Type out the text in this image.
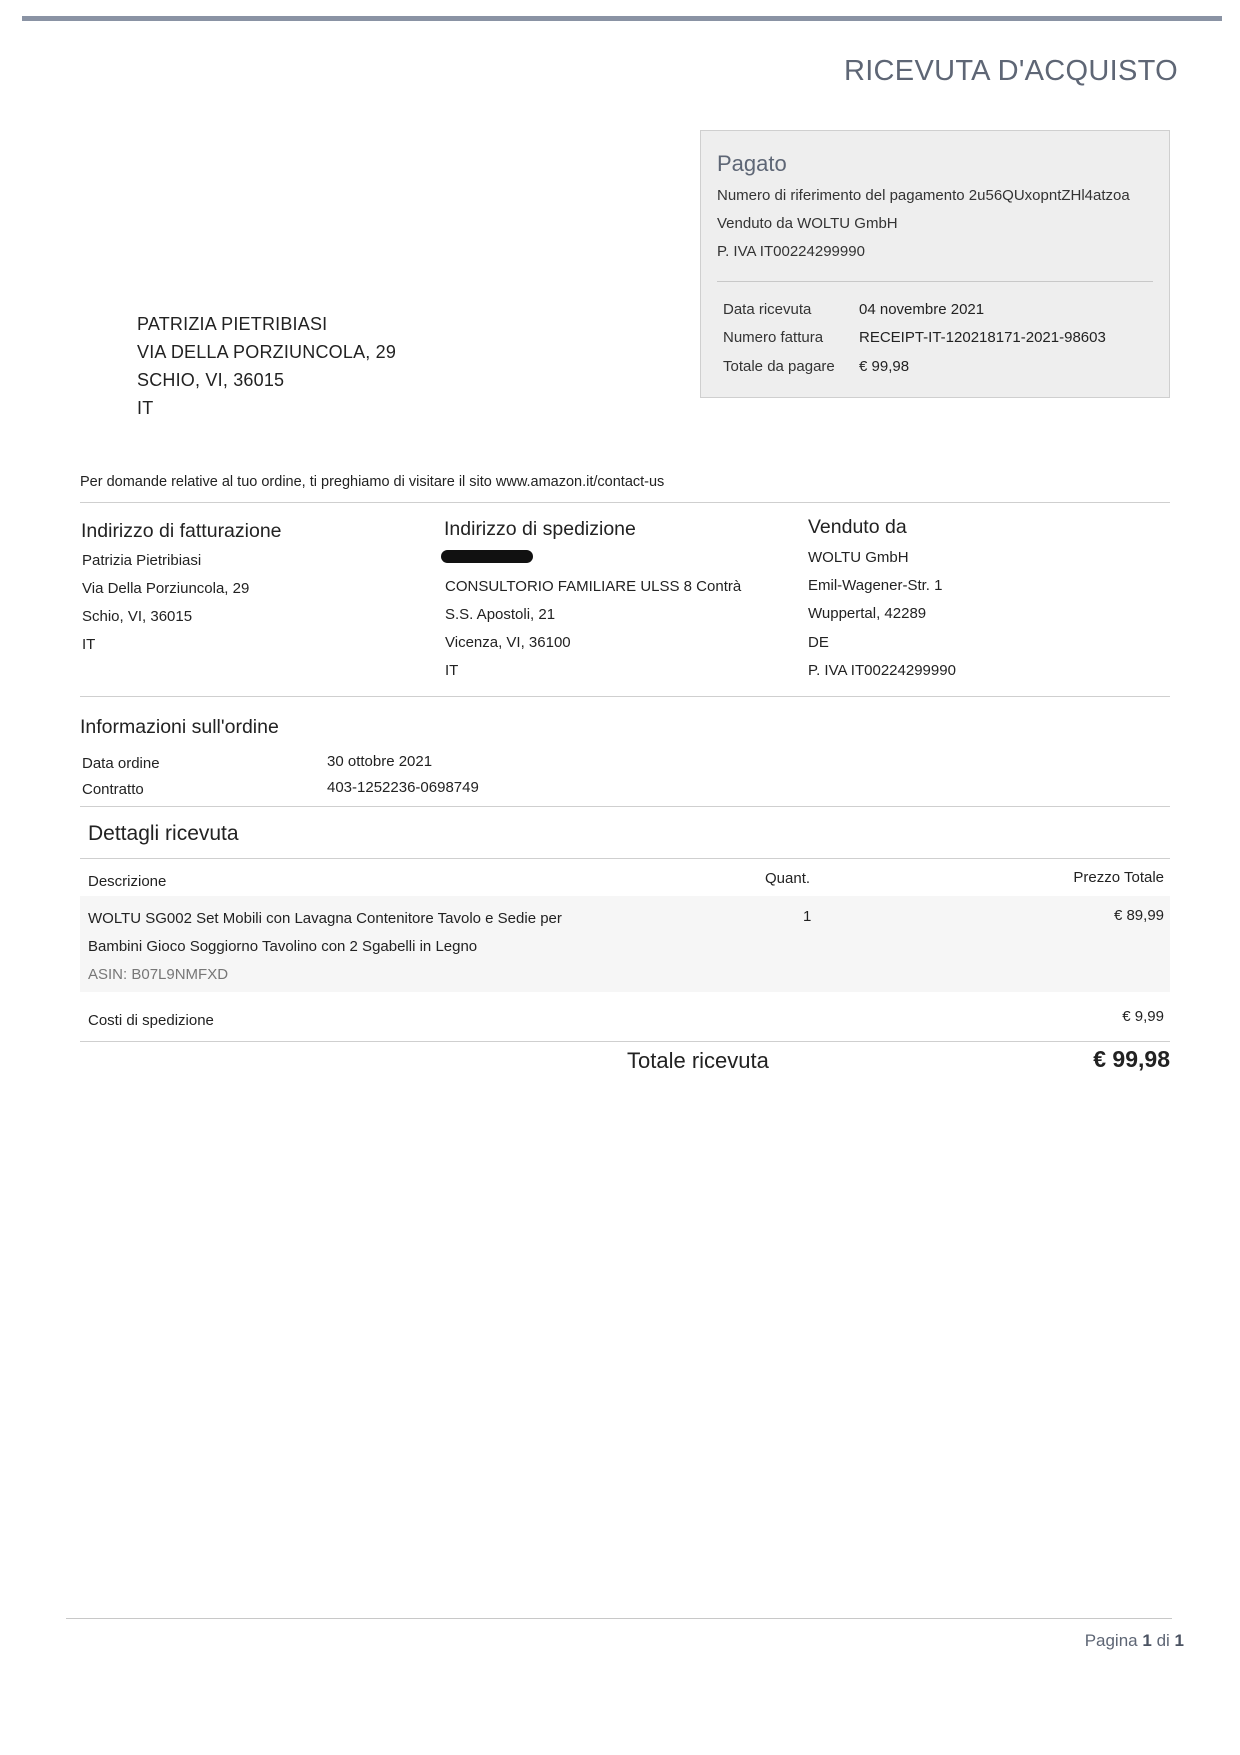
RICEVUTA D'ACQUISTO
Pagato
Numero di riferimento del pagamento 2u56QUxopntZHl4atzoa
Venduto da WOLTU GmbH
P. IVA IT00224299990
Data ricevuta	04 novembre 2021
Numero fattura RECEIPT-IT-120218171-2021-98603
Totale da pagare € 99,98
PATRIZIA PIETRIBIASI
VIA DELLA PORZIUNCOLA, 29
SCHIO, VI, 36015
IT
Per domande relative al tuo ordine, ti preghiamo di visitare il sito www.amazon.it/contact-us
Indirizzo di fatturazione
Patrizia Pietribiasi
Via Della Porziuncola, 29
Schio, VI, 36015
IT
Indirizzo di spedizione
CONSULTORIO FAMILIARE ULSS 8 Contrà
S.S. Apostoli, 21
Vicenza, VI, 36100
IT
Venduto da
WOLTU GmbH
Emil-Wagener-Str. 1
Wuppertal, 42289
DE
P. IVA IT00224299990
Informazioni sull'ordine
Data ordine	30 ottobre 2021
Contratto	403-1252236-0698749
Dettagli ricevuta
Descrizione	Quant.	Prezzo Totale
WOLTU SG002 Set Mobili con Lavagna Contenitore Tavolo e Sedie per
Bambini Gioco Soggiorno Tavolino con 2 Sgabelli in Legno
ASIN: B07L9NMFXD
1	€ 89,99
Costi di spedizione	€ 9,99
Totale ricevuta	€ 99,98
Pagina 1 di 1
